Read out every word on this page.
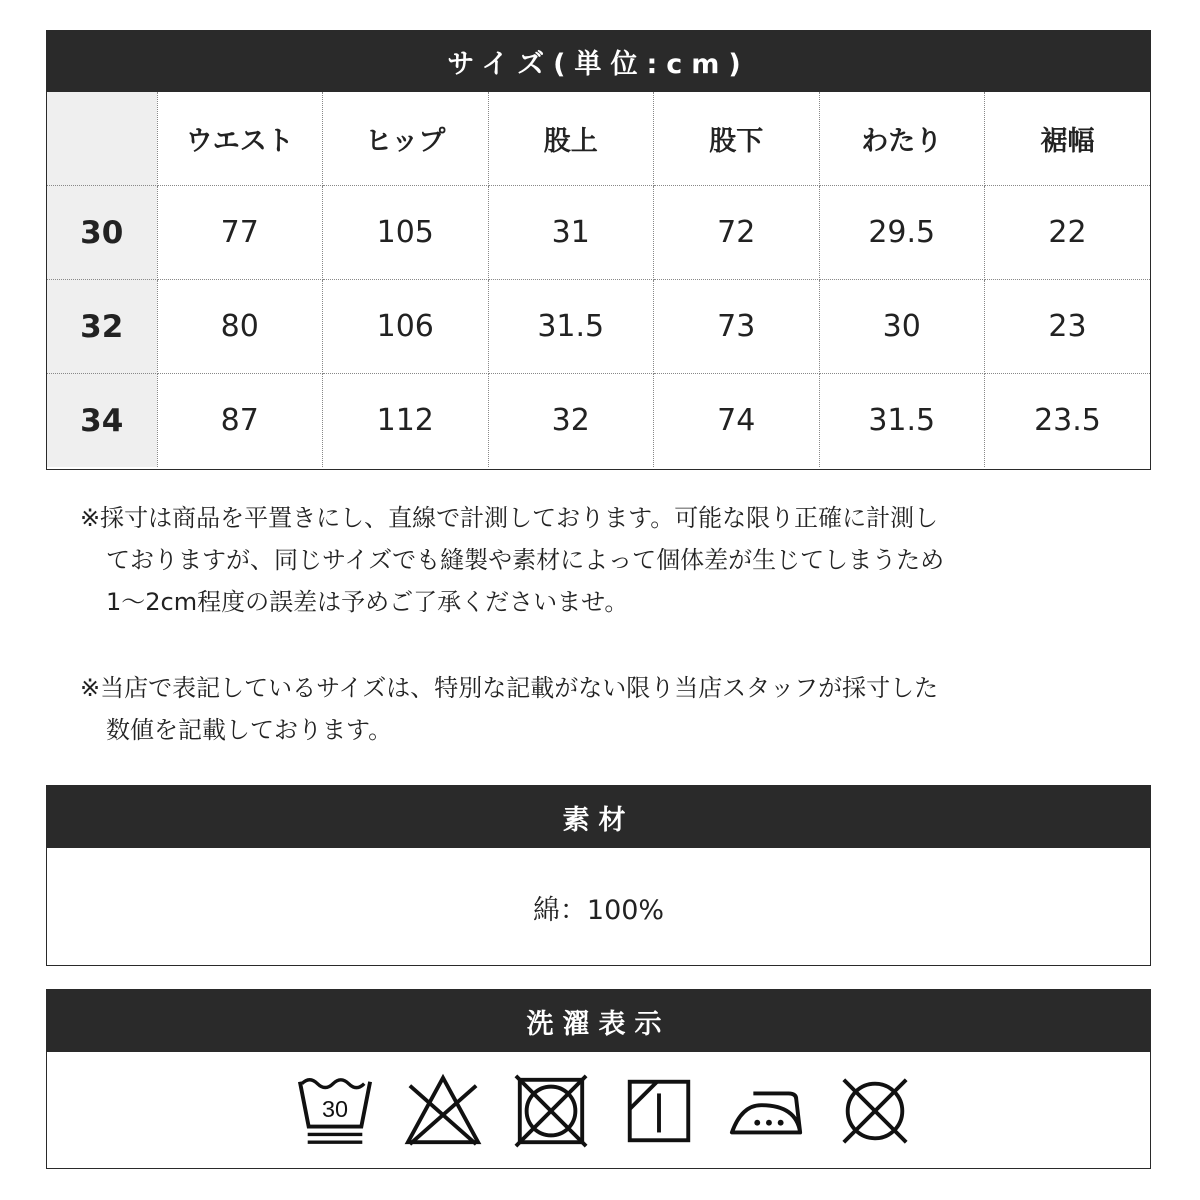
サイズ(単位:cm)
	ウエスト	ヒップ	股上	股下	わたり	裾幅
30	77	105	31	72	29.5	22
32	80	106	31.5	73	30	23
34	87	112	32	74	31.5	23.5

※採寸は商品を平置きにし、直線で計測しております。可能な限り正確に計測し

ておりますが、同じサイズでも縫製や素材によって個体差が生じてしまうため

1～2cm程度の誤差は予めご了承くださいませ。

※当店で表記しているサイズは、特別な記載がない限り当店スタッフが採寸した

数値を記載しております。

素材
綿：100%
洗濯表示
30
